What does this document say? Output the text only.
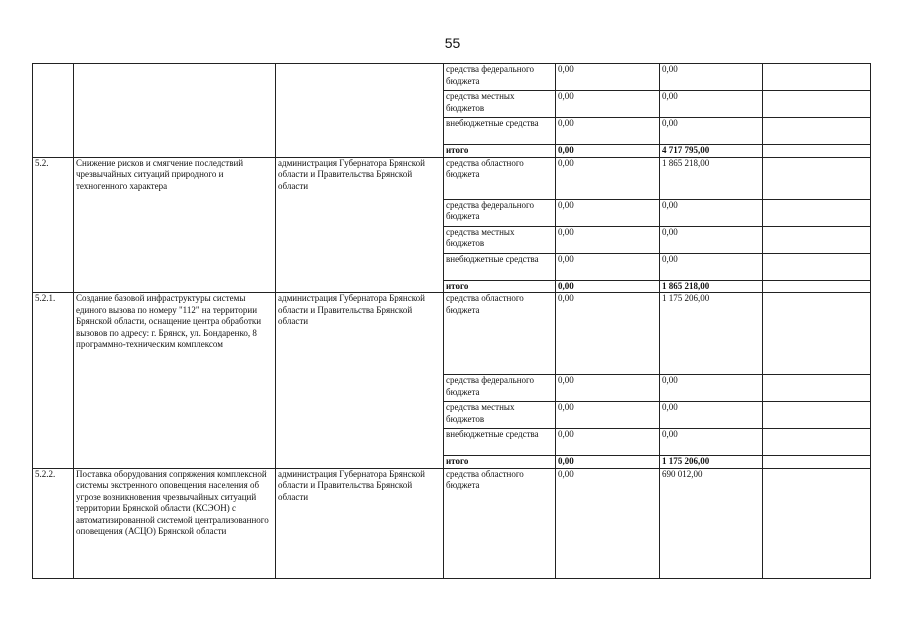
55
			средства федерального бюджета	0,00	0,00	
			средства местных бюджетов	0,00	0,00	
			внебюджетные средства	0,00	0,00	
			итого	0,00	4 717 795,00	
5.2.	Снижение рисков и смягчение последствий чрезвычайных ситуаций природного и техногенного характера	администрация Губернатора Брянской области и Правительства Брянской области	средства областного бюджета	0,00	1 865 218,00	
			средства федерального бюджета	0,00	0,00	
			средства местных бюджетов	0,00	0,00	
			внебюджетные средства	0,00	0,00	
			итого	0,00	1 865 218,00	
5.2.1.	Создание базовой инфраструктуры системы единого вызова по номеру "112" на территории Брянской области, оснащение центра обработки вызовов по адресу: г. Брянск, ул. Бондаренко, 8 программно-техническим комплексом	администрация Губернатора Брянской области и Правительства Брянской области	средства областного бюджета	0,00	1 175 206,00	
			средства федерального бюджета	0,00	0,00	
			средства местных бюджетов	0,00	0,00	
			внебюджетные средства	0,00	0,00	
			итого	0,00	1 175 206,00	
5.2.2.	Поставка оборудования сопряжения комплексной системы экстренного оповещения населения об угрозе возникновения чрезвычайных ситуаций территории Брянской области (КСЭОН) с автоматизированной системой централизованного оповещения (АСЦО) Брянской области	администрация Губернатора Брянской области и Правительства Брянской области	средства областного бюджета	0,00	690 012,00	
